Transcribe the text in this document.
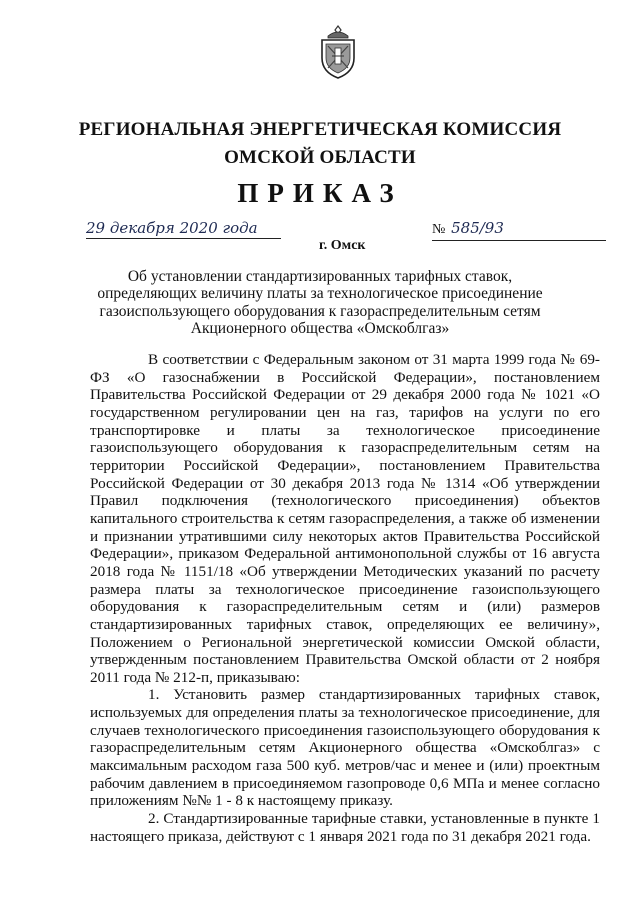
РЕГИОНАЛЬНАЯ ЭНЕРГЕТИЧЕСКАЯ КОМИССИЯ
ОМСКОЙ ОБЛАСТИ
ПРИКАЗ
29 декабря 2020 года	№ 585/93
г. Омск
Об установлении стандартизированных тарифных ставок,
определяющих величину платы за технологическое присоединение
газоиспользующего оборудования к газораспределительным сетям
Акционерного общества «Омскоблгаз»

В соответствии с Федеральным законом от 31 марта 1999 года № 69-ФЗ «О газоснабжении в Российской Федерации», постановлением Правительства Российской Федерации от 29 декабря 2000 года № 1021 «О государственном регулировании цен на газ, тарифов на услуги по его транспортировке и платы за технологическое присоединение газоиспользующего оборудования к газораспределительным сетям на территории Российской Федерации», постановлением Правительства Российской Федерации от 30 декабря 2013 года № 1314 «Об утверждении Правил подключения (технологического присоединения) объектов капитального строительства к сетям газораспределения, а также об изменении и признании утратившими силу некоторых актов Правительства Российской Федерации», приказом Федеральной антимонопольной службы от 16 августа 2018 года № 1151/18 «Об утверждении Методических указаний по расчету размера платы за технологическое присоединение газоиспользующего оборудования к газораспределительным сетям и (или) размеров стандартизированных тарифных ставок, определяющих ее величину», Положением о Региональной энергетической комиссии Омской области, утвержденным постановлением Правительства Омской области от 2 ноября 2011 года № 212-п, приказываю:

1. Установить размер стандартизированных тарифных ставок, используемых для определения платы за технологическое присоединение, для случаев технологического присоединения газоиспользующего оборудования к газораспределительным сетям Акционерного общества «Омскоблгаз» с максимальным расходом газа 500 куб. метров/час и менее и (или) проектным рабочим давлением в присоединяемом газопроводе 0,6 МПа и менее согласно приложениям №№ 1 - 8 к настоящему приказу.

2. Стандартизированные тарифные ставки, установленные в пункте 1 настоящего приказа, действуют с 1 января 2021 года по 31 декабря 2021 года.
